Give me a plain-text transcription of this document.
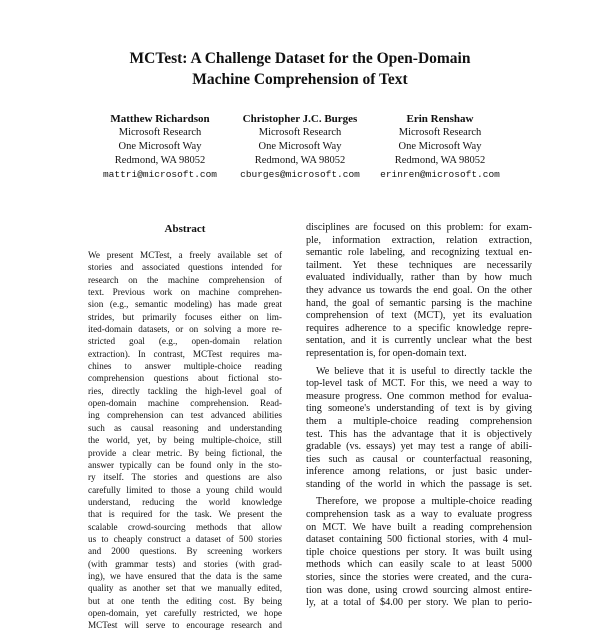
MCTest: A Challenge Dataset for the Open-Domain
Machine Comprehension of Text
Matthew Richardson
Microsoft Research
One Microsoft Way
Redmond, WA 98052
mattri@microsoft.com
Christopher J.C. Burges
Microsoft Research
One Microsoft Way
Redmond, WA 98052
cburges@microsoft.com
Erin Renshaw
Microsoft Research
One Microsoft Way
Redmond, WA 98052
erinren@microsoft.com
Abstract

We present MCTest, a freely available set of
stories and associated questions intended for
research on the machine comprehension of
text. Previous work on machine comprehen-
sion (e.g., semantic modeling) has made great
strides, but primarily focuses either on lim-
ited-domain datasets, or on solving a more re-
stricted goal (e.g., open-domain relation
extraction). In contrast, MCTest requires ma-
chines to answer multiple-choice reading
comprehension questions about fictional sto-
ries, directly tackling the high-level goal of
open-domain machine comprehension. Read-
ing comprehension can test advanced abilities
such as causal reasoning and understanding
the world, yet, by being multiple-choice, still
provide a clear metric. By being fictional, the
answer typically can be found only in the sto-
ry itself. The stories and questions are also
carefully limited to those a young child would
understand, reducing the world knowledge
that is required for the task. We present the
scalable crowd-sourcing methods that allow
us to cheaply construct a dataset of 500 stories
and 2000 questions. By screening workers
(with grammar tests) and stories (with grad-
ing), we have ensured that the data is the same
quality as another set that we manually edited,
but at one tenth the editing cost. By being
open-domain, yet carefully restricted, we hope
MCTest will serve to encourage research and

disciplines are focused on this problem: for exam-
ple, information extraction, relation extraction,
semantic role labeling, and recognizing textual en-
tailment. Yet these techniques are necessarily
evaluated individually, rather than by how much
they advance us towards the end goal. On the other
hand, the goal of semantic parsing is the machine
comprehension of text (MCT), yet its evaluation
requires adherence to a specific knowledge repre-
sentation, and it is currently unclear what the best
representation is, for open-domain text.

We believe that it is useful to directly tackle the
top-level task of MCT. For this, we need a way to
measure progress. One common method for evalua-
ting someone's understanding of text is by giving
them a multiple-choice reading comprehension
test. This has the advantage that it is objectively
gradable (vs. essays) yet may test a range of abili-
ties such as causal or counterfactual reasoning,
inference among relations, or just basic under-
standing of the world in which the passage is set.

Therefore, we propose a multiple-choice reading
comprehension task as a way to evaluate progress
on MCT. We have built a reading comprehension
dataset containing 500 fictional stories, with 4 mul-
tiple choice questions per story. It was built using
methods which can easily scale to at least 5000
stories, since the stories were created, and the cura-
tion was done, using crowd sourcing almost entire-
ly, at a total of $4.00 per story. We plan to perio-
